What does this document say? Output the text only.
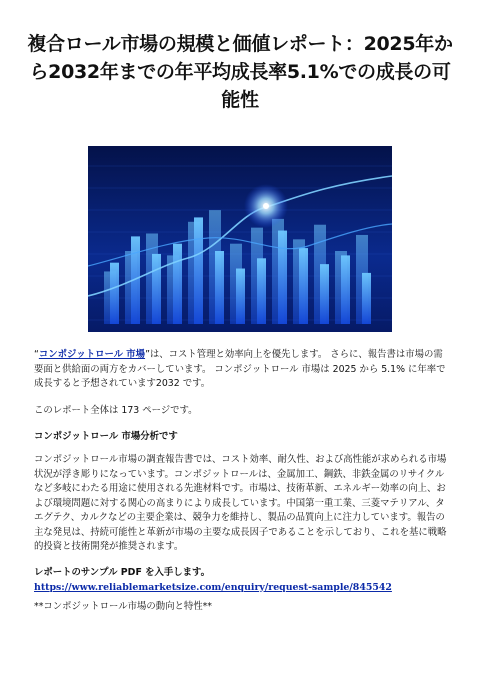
複合ロール市場の規模と価値レポート：2025年から2032年までの年平均成長率5.1%での成長の可能性
“コンポジットロール 市場”は、コスト管理と効率向上を優先します。 さらに、報告書は市場の需要面と供給面の両方をカバーしています。 コンポジットロール 市場は 2025 から 5.1% に年率で成長すると予想されています2032 です。
このレポート全体は 173 ページです。
コンポジットロール 市場分析です
コンポジットロール市場の調査報告書では、コスト効率、耐久性、および高性能が求められる市場状況が浮き彫りになっています。コンポジットロールは、金属加工、鋼鉄、非鉄金属のリサイクルなど多岐にわたる用途に使用される先進材料です。市場は、技術革新、エネルギー効率の向上、および環境問題に対する関心の高まりにより成長しています。中国第一重工業、三菱マテリアル、タエグテク、カルクなどの主要企業は、競争力を維持し、製品の品質向上に注力しています。報告の主な発見は、持続可能性と革新が市場の主要な成長因子であることを示しており、これを基に戦略的投資と技術開発が推奨されます。
レポートのサンプル PDF を入手します。 https://www.reliablemarketsize.com/enquiry/request-sample/845542
**コンポジットロール市場の動向と特性**
